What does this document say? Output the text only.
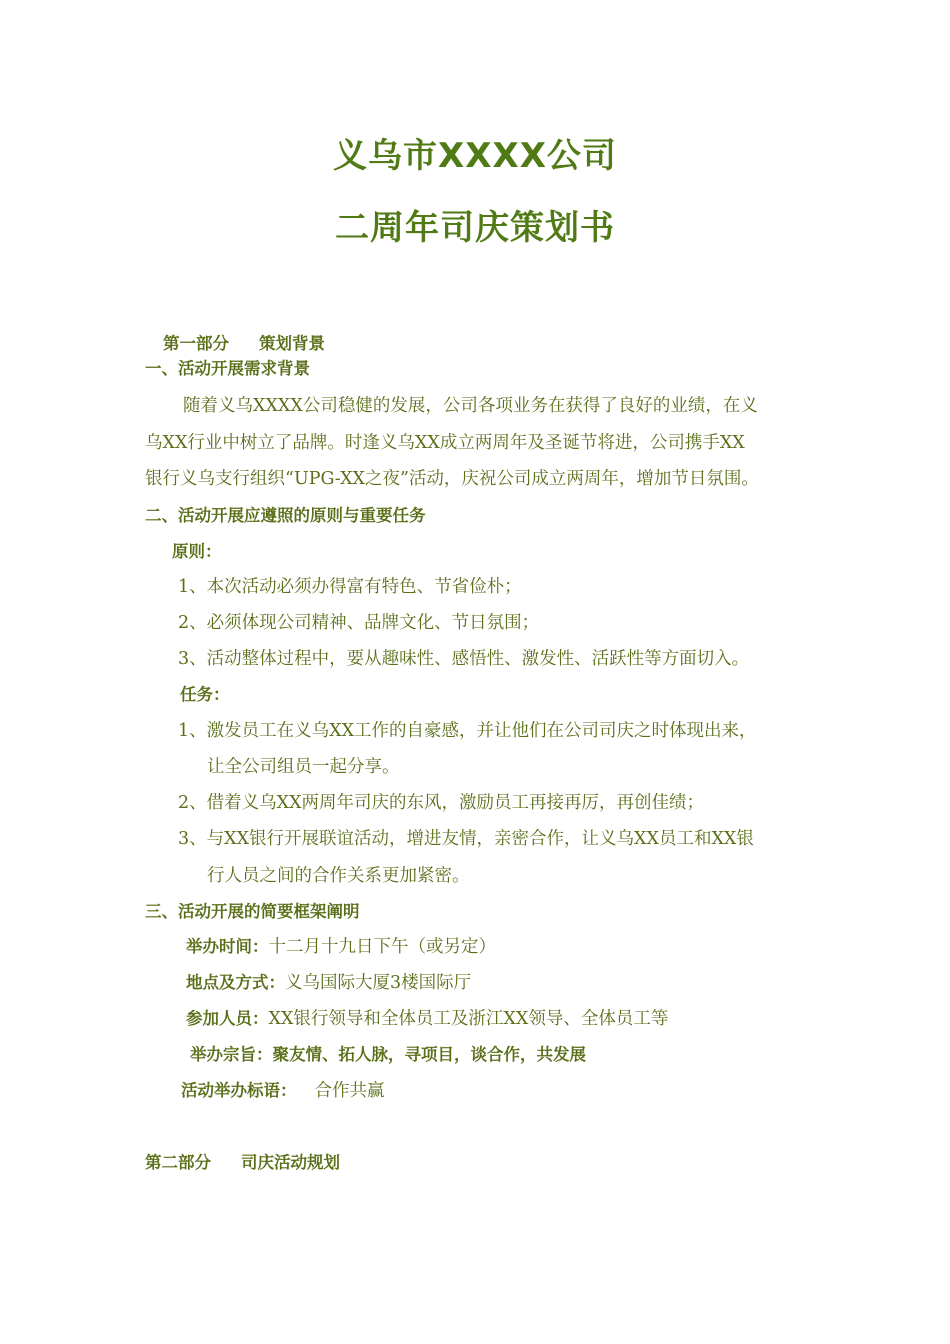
义乌市XXXX公司
二周年司庆策划书
第一部分 策划背景
一、活动开展需求背景
随着义乌XXXX公司稳健的发展，公司各项业务在获得了良好的业绩，在义
乌XX行业中树立了品牌。时逢义乌XX成立两周年及圣诞节将进，公司携手XX
银行义乌支行组织“UPG-XX之夜”活动，庆祝公司成立两周年，增加节日氛围。
二、活动开展应遵照的原则与重要任务
原则：
1、本次活动必须办得富有特色、节省俭朴；
2、必须体现公司精神、品牌文化、节日氛围；
3、活动整体过程中，要从趣味性、感悟性、激发性、活跃性等方面切入。
任务：
1、激发员工在义乌XX工作的自豪感，并让他们在公司司庆之时体现出来，
让全公司组员一起分享。
2、借着义乌XX两周年司庆的东风，激励员工再接再厉，再创佳绩；
3、与XX银行开展联谊活动，增进友情，亲密合作，让义乌XX员工和XX银
行人员之间的合作关系更加紧密。
三、活动开展的简要框架阐明
举办时间：十二月十九日下午（或另定）
地点及方式：义乌国际大厦3楼国际厅
参加人员：XX银行领导和全体员工及浙江XX领导、全体员工等
举办宗旨：聚友情、拓人脉，寻项目，谈合作，共发展
活动举办标语： 合作共赢
第二部分 司庆活动规划
